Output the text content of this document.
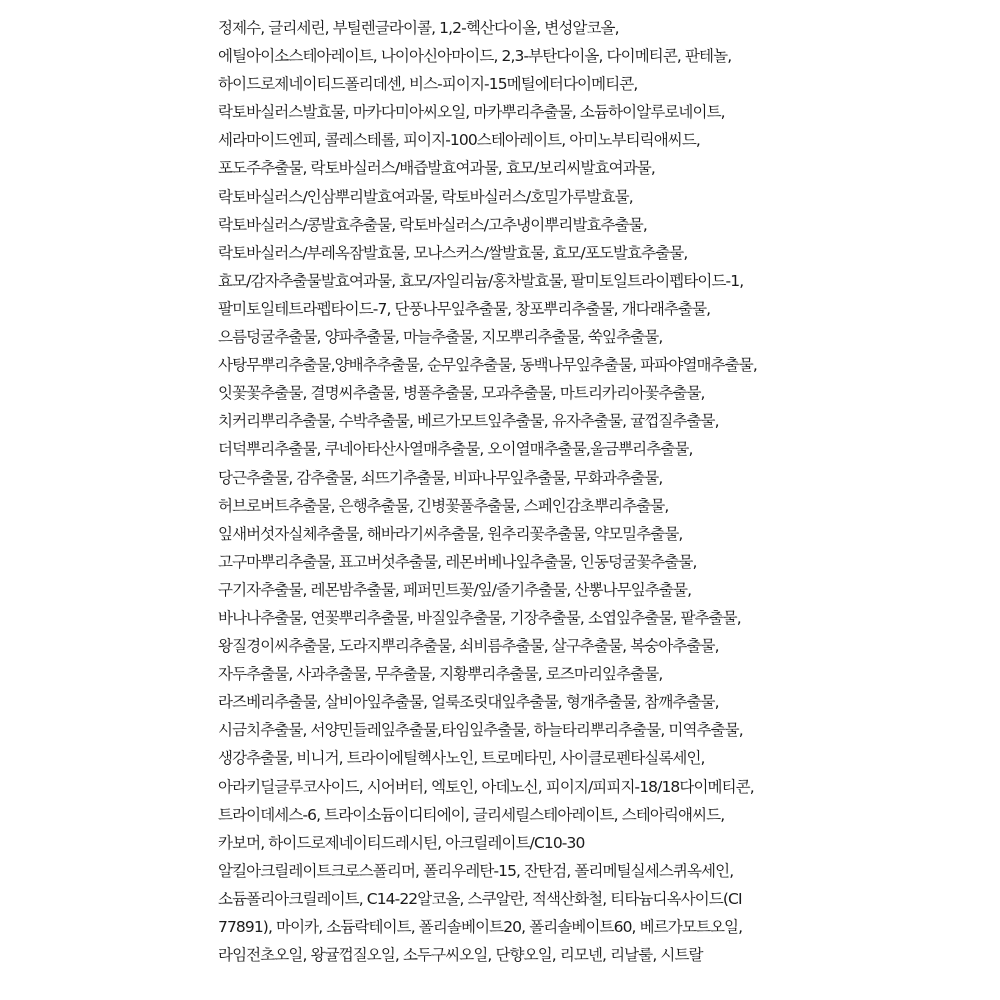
정제수, 글리세린, 부틸렌글라이콜, 1,2-헥산다이올, 변성알코올,
에틸아이소스테아레이트, 나이아신아마이드, 2,3-부탄다이올, 다이메티콘, 판테놀,
하이드로제네이티드폴리데센, 비스-피이지-15메틸에터다이메티콘,
락토바실러스발효물, 마카다미아씨오일, 마카뿌리추출물, 소듐하이알루로네이트,
세라마이드엔피, 콜레스테롤, 피이지-100스테아레이트, 아미노부티릭애씨드,
포도주추출물, 락토바실러스/배즙발효여과물, 효모/보리씨발효여과물,
락토바실러스/인삼뿌리발효여과물, 락토바실러스/호밀가루발효물,
락토바실러스/콩발효추출물, 락토바실러스/고추냉이뿌리발효추출물,
락토바실러스/부레옥잠발효물, 모나스커스/쌀발효물, 효모/포도발효추출물,
효모/감자추출물발효여과물, 효모/자일리늄/홍차발효물, 팔미토일트라이펩타이드-1,
팔미토일테트라펩타이드-7, 단풍나무잎추출물, 창포뿌리추출물, 개다래추출물,
으름덩굴추출물, 양파추출물, 마늘추출물, 지모뿌리추출물, 쑥잎추출물,
사탕무뿌리추출물,양배추추출물, 순무잎추출물, 동백나무잎추출물, 파파야열매추출물,
잇꽃꽃추출물, 결명씨추출물, 병풀추출물, 모과추출물, 마트리카리아꽃추출물,
치커리뿌리추출물, 수박추출물, 베르가모트잎추출물, 유자추출물, 귤껍질추출물,
더덕뿌리추출물, 쿠네아타산사열매추출물, 오이열매추출물,울금뿌리추출물,
당근추출물, 감추출물, 쇠뜨기추출물, 비파나무잎추출물, 무화과추출물,
허브로버트추출물, 은행추출물, 긴병꽃풀추출물, 스페인감초뿌리추출물,
잎새버섯자실체추출물, 해바라기씨추출물, 원추리꽃추출물, 약모밀추출물,
고구마뿌리추출물, 표고버섯추출물, 레몬버베나잎추출물, 인동덩굴꽃추출물,
구기자추출물, 레몬밤추출물, 페퍼민트꽃/잎/줄기추출물, 산뽕나무잎추출물,
바나나추출물, 연꽃뿌리추출물, 바질잎추출물, 기장추출물, 소엽잎추출물, 팥추출물,
왕질경이씨추출물, 도라지뿌리추출물, 쇠비름추출물, 살구추출물, 복숭아추출물,
자두추출물, 사과추출물, 무추출물, 지황뿌리추출물, 로즈마리잎추출물,
라즈베리추출물, 살비아잎추출물, 얼룩조릿대잎추출물, 형개추출물, 참깨추출물,
시금치추출물, 서양민들레잎추출물,타임잎추출물, 하늘타리뿌리추출물, 미역추출물,
생강추출물, 비니거, 트라이에틸헥사노인, 트로메타민, 사이클로펜타실록세인,
아라키딜글루코사이드, 시어버터, 엑토인, 아데노신, 피이지/피피지-18/18다이메티콘,
트라이데세스-6, 트라이소듐이디티에이, 글리세릴스테아레이트, 스테아릭애씨드,
카보머, 하이드로제네이티드레시틴, 아크릴레이트/C10-30
알킬아크릴레이트크로스폴리머, 폴리우레탄-15, 잔탄검, 폴리메틸실세스퀴옥세인,
소듐폴리아크릴레이트, C14-22알코올, 스쿠알란, 적색산화철, 티타늄디옥사이드(CI
77891), 마이카, 소듐락테이트, 폴리솔베이트20, 폴리솔베이트60, 베르가모트오일,
라임전초오일, 왕귤껍질오일, 소두구씨오일, 단향오일, 리모넨, 리날룰, 시트랄
